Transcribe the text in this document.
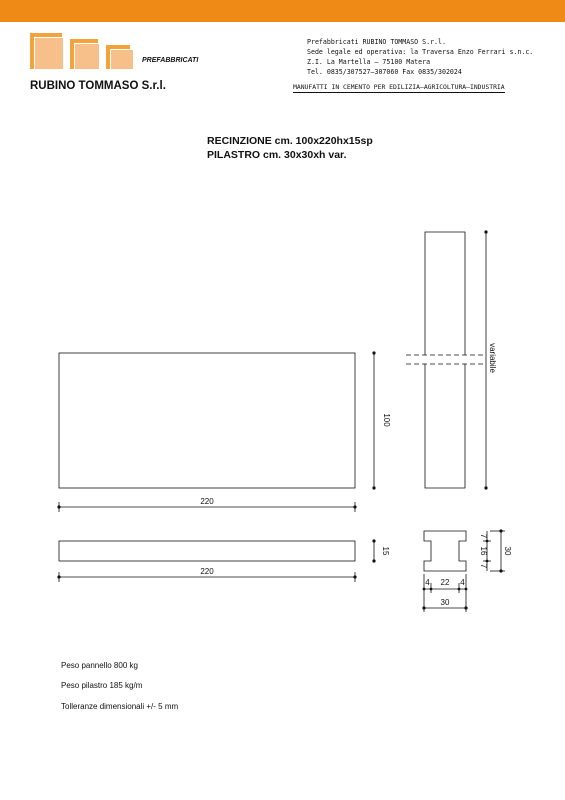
PREFABBRICATI
RUBINO TOMMASO S.r.l.
Prefabbricati RUBINO TOMMASO S.r.l.
Sede legale ed operativa: la Traversa Enzo Ferrari s.n.c.
Z.I. La Martella — 75100 Matera
Tel. 0835/307527–307060 Fax 0835/302024
MANUFATTI IN CEMENTO PER EDILIZIA–AGRICOLTURA–INDUSTRIA
RECINZIONE cm. 100x220hx15sp
PILASTRO cm. 30x30xh var.
100
220
15
220
variabile
30
7
16
7
4 22 4
30
Peso pannello 800 kg
Peso pilastro 185 kg/m
Tolleranze dimensionali +/- 5 mm
